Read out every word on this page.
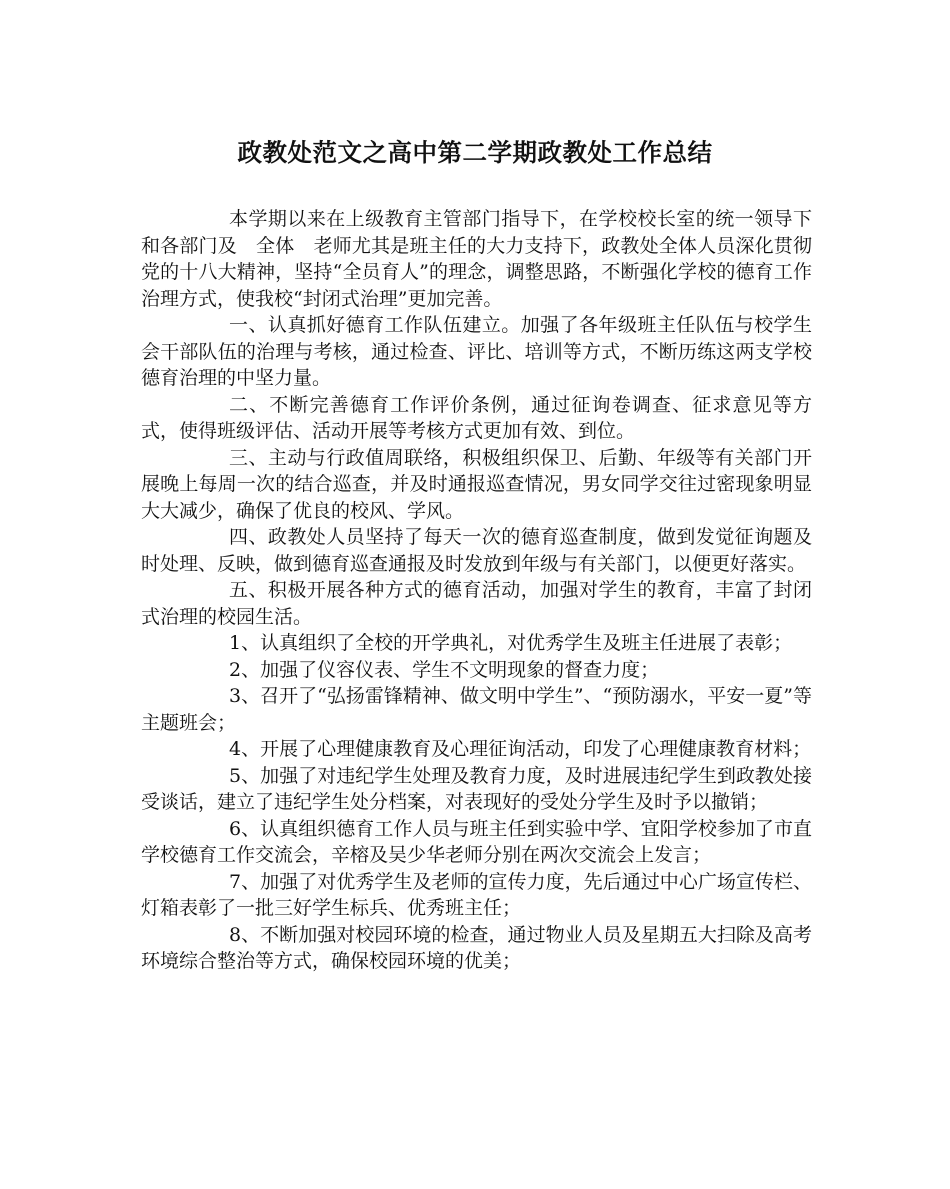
政教处范文之高中第二学期政教处工作总结

本学期以来在上级教育主管部门指导下，在学校校长室的统一领导下和各部门及　全体　老师尤其是班主任的大力支持下，政教处全体人员深化贯彻党的十八大精神，坚持“全员育人”的理念，调整思路，不断强化学校的德育工作治理方式，使我校“封闭式治理”更加完善。

一、认真抓好德育工作队伍建立。加强了各年级班主任队伍与校学生会干部队伍的治理与考核，通过检查、评比、培训等方式，不断历练这两支学校德育治理的中坚力量。

二、不断完善德育工作评价条例，通过征询卷调查、征求意见等方式，使得班级评估、活动开展等考核方式更加有效、到位。

三、主动与行政值周联络，积极组织保卫、后勤、年级等有关部门开展晚上每周一次的结合巡查，并及时通报巡查情况，男女同学交往过密现象明显大大减少，确保了优良的校风、学风。

四、政教处人员坚持了每天一次的德育巡查制度，做到发觉征询题及时处理、反映，做到德育巡查通报及时发放到年级与有关部门，以便更好落实。

五、积极开展各种方式的德育活动，加强对学生的教育，丰富了封闭式治理的校园生活。

1、认真组织了全校的开学典礼，对优秀学生及班主任进展了表彰；

2、加强了仪容仪表、学生不文明现象的督查力度；

3、召开了“弘扬雷锋精神、做文明中学生”、“预防溺水，平安一夏”等主题班会；

4、开展了心理健康教育及心理征询活动，印发了心理健康教育材料；

5、加强了对违纪学生处理及教育力度，及时进展违纪学生到政教处接受谈话，建立了违纪学生处分档案，对表现好的受处分学生及时予以撤销；

6、认真组织德育工作人员与班主任到实验中学、宜阳学校参加了市直学校德育工作交流会，辛榕及吴少华老师分别在两次交流会上发言；

7、加强了对优秀学生及老师的宣传力度，先后通过中心广场宣传栏、灯箱表彰了一批三好学生标兵、优秀班主任；

8、不断加强对校园环境的检查，通过物业人员及星期五大扫除及高考环境综合整治等方式，确保校园环境的优美；
